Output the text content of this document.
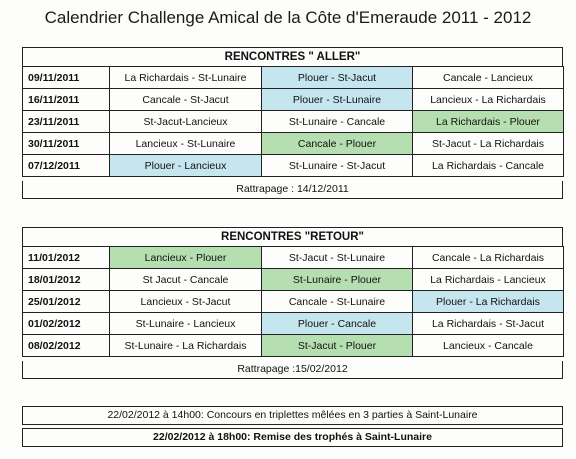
Calendrier Challenge Amical de la Côte d'Emeraude 2011 - 2012
RENCONTRES " ALLER"
09/11/2011	La Richardais - St-Lunaire	Plouer - St-Jacut	Cancale - Lancieux
16/11/2011	Cancale - St-Jacut	Plouer - St-Lunaire	Lancieux - La Richardais
23/11/2011	St-Jacut-Lancieux	St-Lunaire - Cancale	La Richardais - Plouer
30/11/2011	Lancieux - St-Lunaire	Cancale - Plouer	St-Jacut - La Richardais
07/12/2011	Plouer - Lancieux	St-Lunaire - St-Jacut	La Richardais - Cancale
Rattrapage : 14/12/2011
RENCONTRES "RETOUR"
11/01/2012	Lancieux - Plouer	St-Jacut - St-Lunaire	Cancale - La Richardais
18/01/2012	St Jacut - Cancale	St-Lunaire - Plouer	La Richardais - Lancieux
25/01/2012	Lancieux - St-Jacut	Cancale - St-Lunaire	Plouer - La Richardais
01/02/2012	St-Lunaire - Lancieux	Plouer - Cancale	La Richardais - St-Jacut
08/02/2012	St-Lunaire - La Richardais	St-Jacut - Plouer	Lancieux - Cancale
Rattrapage :15/02/2012
22/02/2012 à 14h00: Concours en triplettes mêlées en 3 parties à Saint-Lunaire
22/02/2012 à 18h00: Remise des trophés à Saint-Lunaire
